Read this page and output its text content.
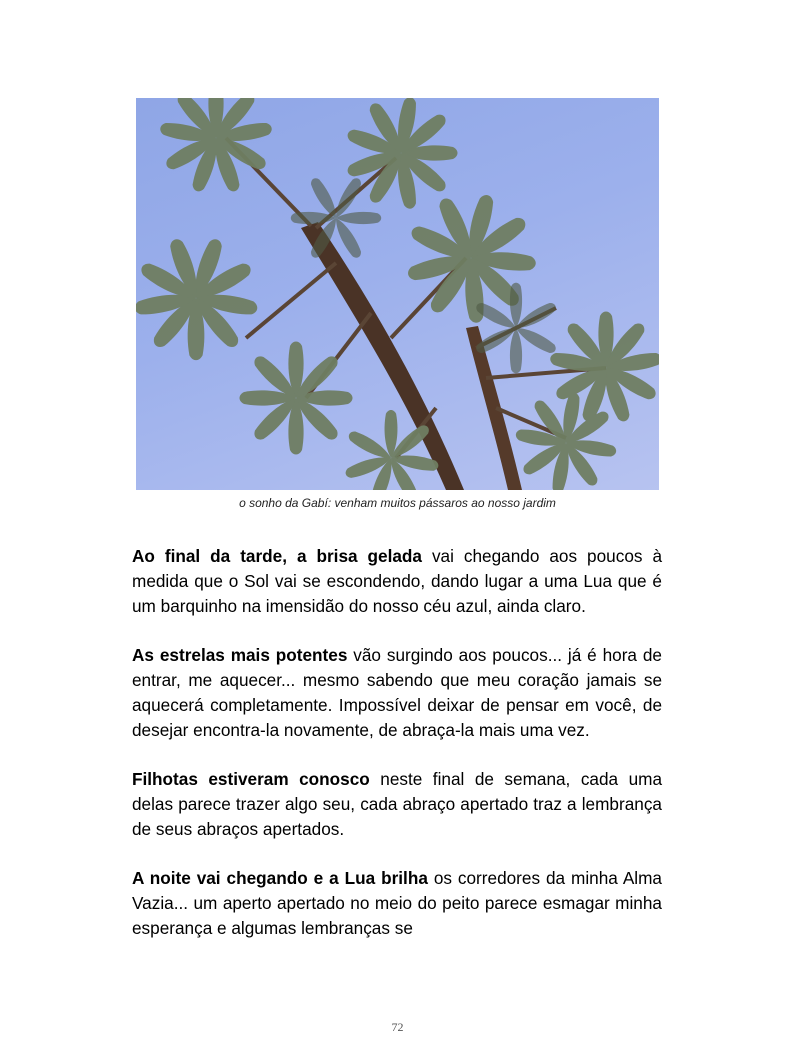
o sonho da Gabí: venham muitos pássaros ao nosso jardim

Ao final da tarde, a brisa gelada vai chegando aos poucos à medida que o Sol vai se escondendo, dando lugar a uma Lua que é um barquinho na imensidão do nosso céu azul, ainda claro.

As estrelas mais potentes vão surgindo aos poucos... já é hora de entrar, me aquecer... mesmo sabendo que meu coração jamais se aquecerá completamente. Impossível deixar de pensar em você, de desejar encontra-la novamente, de abraça-la mais uma vez.

Filhotas estiveram conosco neste final de semana, cada uma delas parece trazer algo seu, cada abraço apertado traz a lembrança de seus abraços apertados.

A noite vai chegando e a Lua brilha os corredores da minha Alma Vazia... um aperto apertado no meio do peito parece esmagar minha esperança e algumas lembranças se

72
